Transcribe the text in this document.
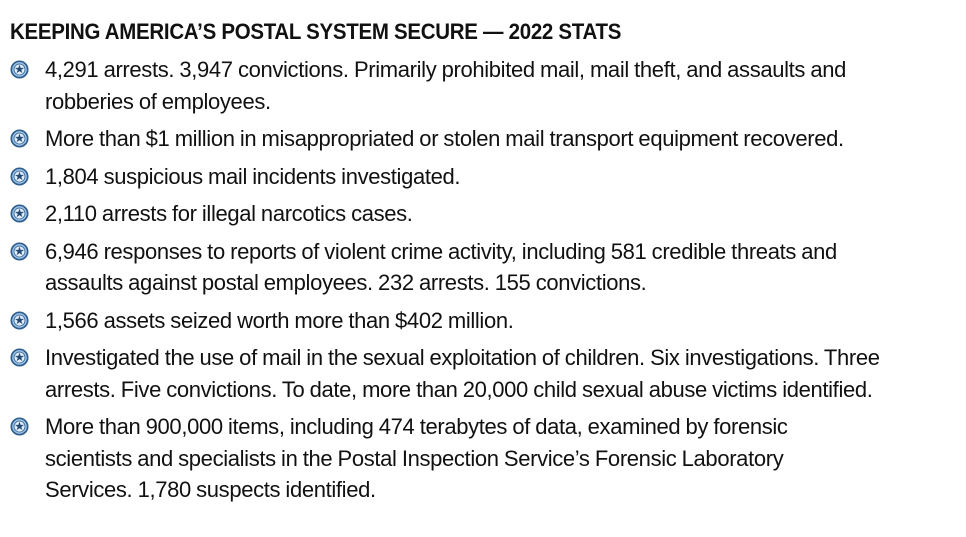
KEEPING AMERICA’S POSTAL SYSTEM SECURE — 2022 STATS
4,291 arrests. 3,947 convictions. Primarily prohibited mail, mail theft, and assaults and
robberies of employees.
More than $1 million in misappropriated or stolen mail transport equipment recovered.
1,804 suspicious mail incidents investigated.
2,110 arrests for illegal narcotics cases.
6,946 responses to reports of violent crime activity, including 581 credible threats and
assaults against postal employees. 232 arrests. 155 convictions.
1,566 assets seized worth more than $402 million.
Investigated the use of mail in the sexual exploitation of children. Six investigations. Three
arrests. Five convictions. To date, more than 20,000 child sexual abuse victims identified.
More than 900,000 items, including 474 terabytes of data, examined by forensic
scientists and specialists in the Postal Inspection Service’s Forensic Laboratory
Services. 1,780 suspects identified.
